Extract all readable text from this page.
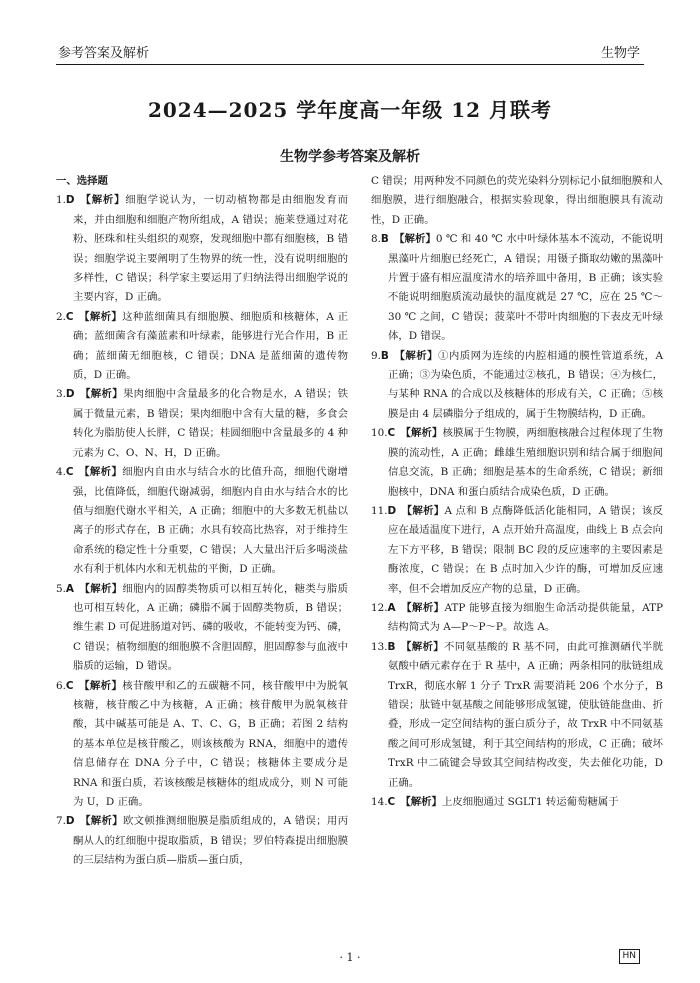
参考答案及解析	生物学
2024—2025 学年度高一年级 12 月联考
生物学参考答案及解析
一、选择题
1.D  【解析】细胞学说认为，一切动植物都是由细胞发育而来，并由细胞和细胞产物所组成，A 错误；施莱登通过对花粉、胚珠和柱头组织的观察，发现细胞中都有细胞核，B 错误；细胞学说主要阐明了生物界的统一性，没有说明细胞的多样性，C 错误；科学家主要运用了归纳法得出细胞学说的主要内容，D 正确。
2.C  【解析】这种蓝细菌具有细胞膜、细胞质和核糖体，A 正确；蓝细菌含有藻蓝素和叶绿素，能够进行光合作用，B 正确；蓝细菌无细胞核，C 错误；DNA 是蓝细菌的遗传物质，D 正确。
3.D  【解析】果肉细胞中含量最多的化合物是水，A 错误；铁属于微量元素，B 错误；果肉细胞中含有大量的糖，多食会转化为脂肪使人长胖，C 错误；桂圆细胞中含量最多的 4 种元素为 C、O、N、H，D 正确。
4.C  【解析】细胞内自由水与结合水的比值升高，细胞代谢增强，比值降低，细胞代谢减弱，细胞内自由水与结合水的比值与细胞代谢水平相关，A 正确；细胞中的大多数无机盐以离子的形式存在，B 正确；水具有较高比热容，对于维持生命系统的稳定性十分重要，C 错误；人大量出汗后多喝淡盐水有利于机体内水和无机盐的平衡，D 正确。
5.A  【解析】细胞内的固醇类物质可以相互转化，糖类与脂质也可相互转化，A 正确；磷脂不属于固醇类物质，B 错误；维生素 D 可促进肠道对钙、磷的吸收，不能转变为钙、磷，C 错误；植物细胞的细胞膜不含胆固醇，胆固醇参与血液中脂质的运输，D 错误。
6.C  【解析】核苷酸甲和乙的五碳糖不同，核苷酸甲中为脱氧核糖，核苷酸乙中为核糖，A 正确；核苷酸甲为脱氧核苷酸，其中碱基可能是 A、T、C、G，B 正确；若图 2 结构的基本单位是核苷酸乙，则该核酸为 RNA，细胞中的遗传信息储存在 DNA 分子中，C 错误；核糖体主要成分是 RNA 和蛋白质，若该核酸是核糖体的组成成分，则 N 可能为 U，D 正确。
7.D  【解析】欧文顿推测细胞膜是脂质组成的，A 错误；用丙酮从人的红细胞中提取脂质，B 错误；罗伯特森提出细胞膜的三层结构为蛋白质—脂质—蛋白质，
C 错误；用两种发不同颜色的荧光染料分别标记小鼠细胞膜和人细胞膜，进行细胞融合，根据实验现象，得出细胞膜具有流动性，D 正确。
8.B  【解析】0 ℃ 和 40 ℃ 水中叶绿体基本不流动，不能说明黑藻叶片细胞已经死亡，A 错误；用镊子撕取幼嫩的黑藻叶片置于盛有相应温度清水的培养皿中备用，B 正确；该实验不能说明细胞质流动最快的温度就是 27 ℃，应在 25 ℃～30 ℃ 之间，C 错误；菠菜叶不带叶肉细胞的下表皮无叶绿体，D 错误。
9.B  【解析】①内质网为连续的内腔相通的膜性管道系统，A 正确；③为染色质，不能通过②核孔，B 错误；④为核仁，与某种 RNA 的合成以及核糖体的形成有关，C 正确；⑤核膜是由 4 层磷脂分子组成的，属于生物膜结构，D 正确。
10.C  【解析】核膜属于生物膜，两细胞核融合过程体现了生物膜的流动性，A 正确；雌雄生殖细胞识别和结合属于细胞间信息交流，B 正确；细胞是基本的生命系统，C 错误；新细胞核中，DNA 和蛋白质结合成染色质，D 正确。
11.D  【解析】A 点和 B 点酶降低活化能相同，A 错误；该反应在最适温度下进行，A 点开始升高温度，曲线上 B 点会向左下方平移，B 错误；限制 BC 段的反应速率的主要因素是酶浓度，C 错误；在 B 点时加入少许的酶，可增加反应速率，但不会增加反应产物的总量，D 正确。
12.A  【解析】ATP 能够直接为细胞生命活动提供能量，ATP 结构简式为 A—P～P～P。故选 A。
13.B  【解析】不同氨基酸的 R 基不同，由此可推测硒代半胱氨酸中硒元素存在于 R 基中，A 正确；两条相同的肽链组成 TrxR，彻底水解 1 分子 TrxR 需要消耗 206 个水分子，B 错误；肽链中氨基酸之间能够形成氢键，使肽链能盘曲、折叠，形成一定空间结构的蛋白质分子，故 TrxR 中不同氨基酸之间可形成氢键，利于其空间结构的形成，C 正确；破坏 TrxR 中二硫键会导致其空间结构改变，失去催化功能，D 正确。
14.C  【解析】上皮细胞通过 SGLT1 转运葡萄糖属于
· 1 ·	HN
